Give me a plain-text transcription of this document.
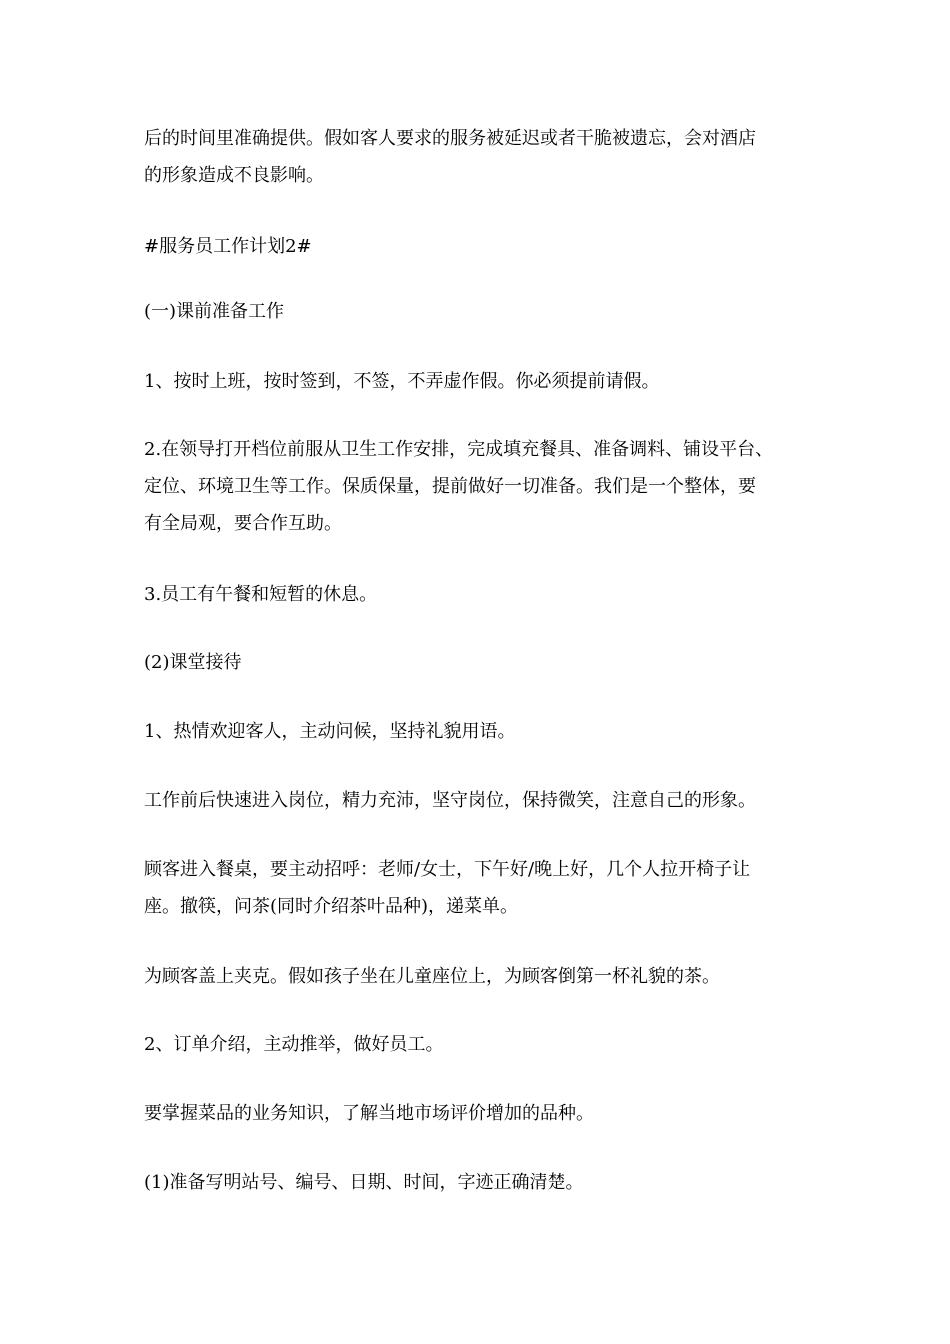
后的时间里准确提供。假如客人要求的服务被延迟或者干脆被遗忘，会对酒店
的形象造成不良影响。

#服务员工作计划2#

(一)课前准备工作

1、按时上班，按时签到，不签，不弄虚作假。你必须提前请假。

2.在领导打开档位前服从卫生工作安排，完成填充餐具、准备调料、铺设平台、
定位、环境卫生等工作。保质保量，提前做好一切准备。我们是一个整体，要
有全局观，要合作互助。

3.员工有午餐和短暂的休息。

(2)课堂接待

1、热情欢迎客人，主动问候，坚持礼貌用语。

工作前后快速进入岗位，精力充沛，坚守岗位，保持微笑，注意自己的形象。

顾客进入餐桌，要主动招呼：老师/女士，下午好/晚上好，几个人拉开椅子让
座。撤筷，问茶(同时介绍茶叶品种)，递菜单。

为顾客盖上夹克。假如孩子坐在儿童座位上，为顾客倒第一杯礼貌的茶。

2、订单介绍，主动推举，做好员工。

要掌握菜品的业务知识，了解当地市场评价增加的品种。

(1)准备写明站号、编号、日期、时间，字迹正确清楚。
